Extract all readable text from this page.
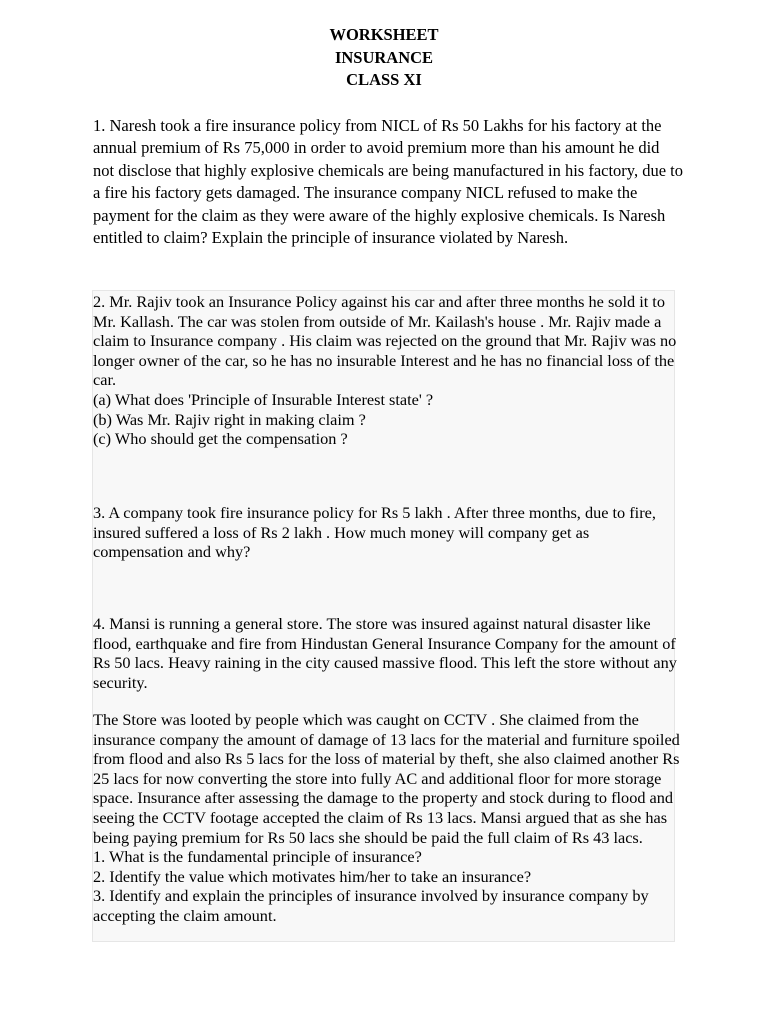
WORKSHEET
INSURANCE
CLASS XI
1. Naresh took a fire insurance policy from NICL of Rs 50 Lakhs for his factory at the annual premium of Rs 75,000 in order to avoid premium more than his amount he did not disclose that highly explosive chemicals are being manufactured in his factory, due to a fire his factory gets damaged. The insurance company NICL refused to make the payment for the claim as they were aware of the highly explosive chemicals. Is Naresh entitled to claim? Explain the principle of insurance violated by Naresh.
2. Mr. Rajiv took an Insurance Policy against his car and after three months he sold it to Mr. Kallash. The car was stolen from outside of Mr. Kailash's house . Mr. Rajiv made a claim to Insurance company . His claim was rejected on the ground that Mr. Rajiv was no longer owner of the car, so he has no insurable Interest and he has no financial loss of the car.
(a) What does 'Principle of Insurable Interest state' ?
(b) Was Mr. Rajiv right in making claim ?
(c) Who should get the compensation ?
3. A company took fire insurance policy for Rs 5 lakh . After three months, due to fire, insured suffered a loss of Rs 2 lakh . How much money will company get as compensation and why?
4. Mansi is running a general store. The store was insured against natural disaster like flood, earthquake and fire from Hindustan General Insurance Company for the amount of Rs 50 lacs. Heavy raining in the city caused massive flood. This left the store without any security.
The Store was looted by people which was caught on CCTV . She claimed from the insurance company the amount of damage of 13 lacs for the material and furniture spoiled from flood and also Rs 5 lacs for the loss of material by theft, she also claimed another Rs 25 lacs for now converting the store into fully AC and additional floor for more storage space. Insurance after assessing the damage to the property and stock during to flood and seeing the CCTV footage accepted the claim of Rs 13 lacs. Mansi argued that as she has being paying premium for Rs 50 lacs she should be paid the full claim of Rs 43 lacs.
1. What is the fundamental principle of insurance?
2. Identify the value which motivates him/her to take an insurance?
3. Identify and explain the principles of insurance involved by insurance company by accepting the claim amount.
